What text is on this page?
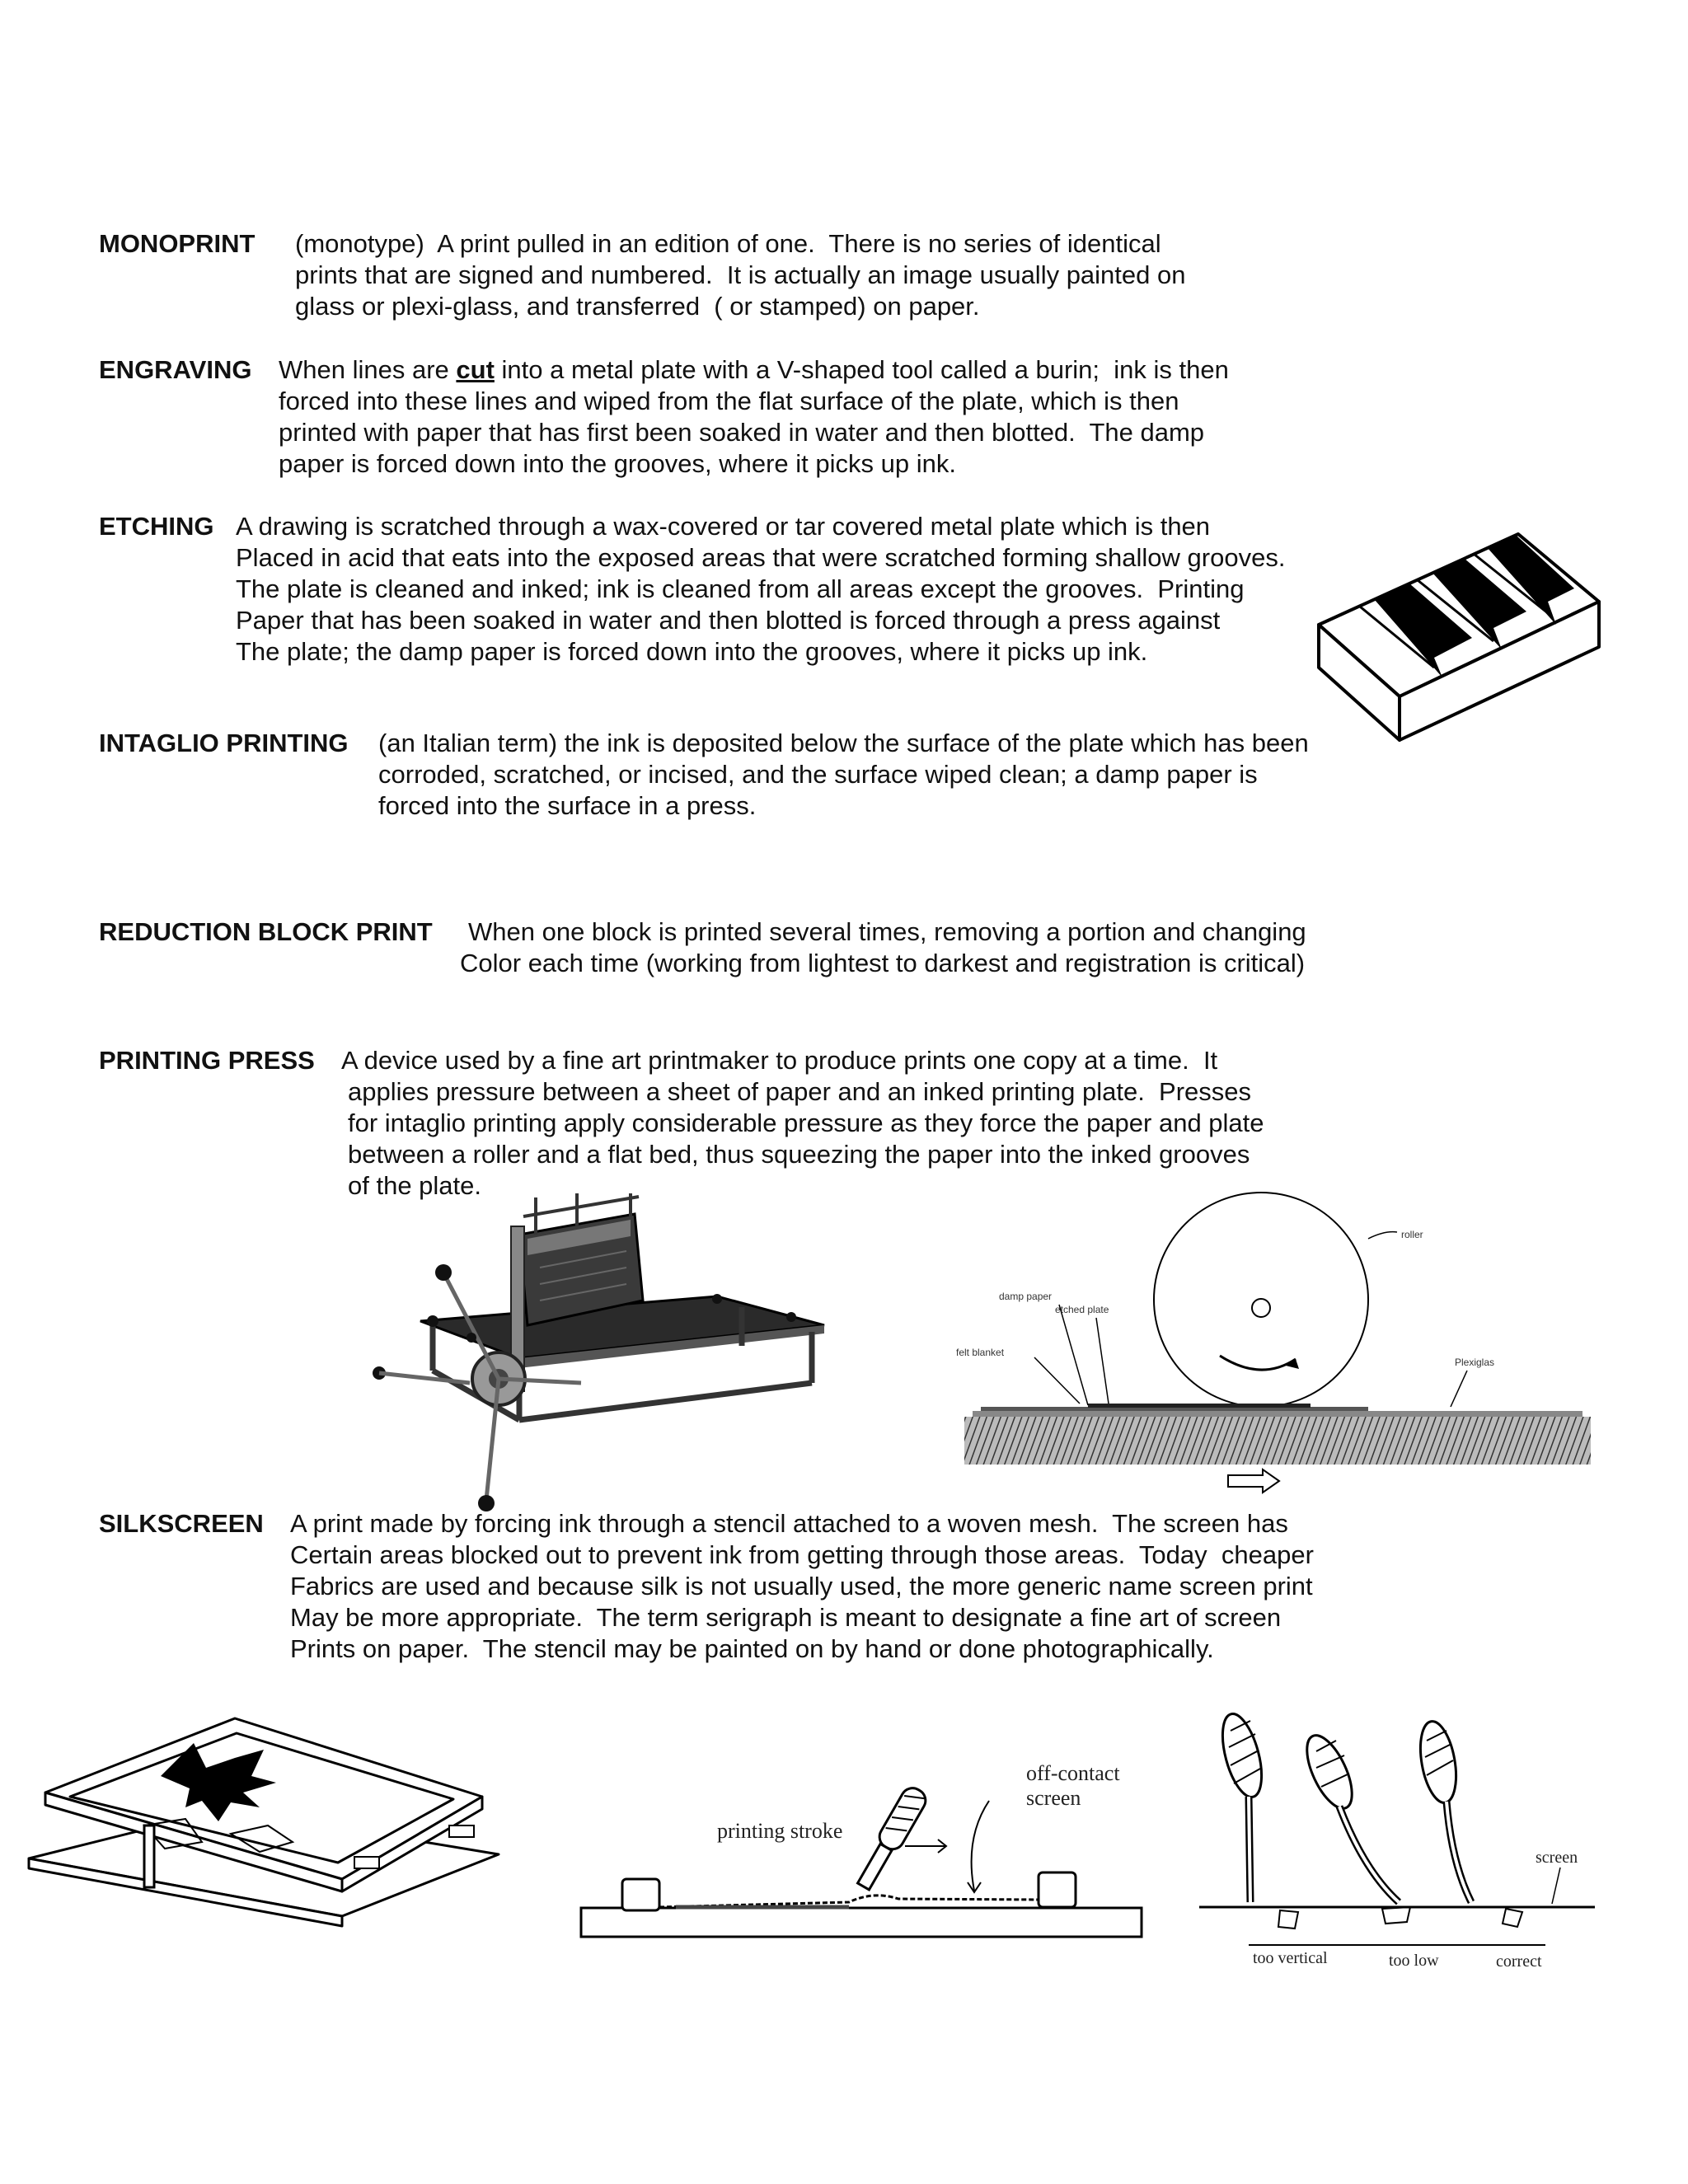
MONOPRINT (monotype)  A print pulled in an edition of one.  There is no series of identical
prints that are signed and numbered.  It is actually an image usually painted on
glass or plexi-glass, and transferred  ( or stamped) on paper.
ENGRAVING When lines are cut into a metal plate with a V-shaped tool called a burin;  ink is then
forced into these lines and wiped from the flat surface of the plate, which is then
printed with paper that has first been soaked in water and then blotted.  The damp
paper is forced down into the grooves, where it picks up ink.
ETCHING A drawing is scratched through a wax-covered or tar covered metal plate which is then
Placed in acid that eats into the exposed areas that were scratched forming shallow grooves.
The plate is cleaned and inked; ink is cleaned from all areas except the grooves.  Printing
Paper that has been soaked in water and then blotted is forced through a press against
The plate; the damp paper is forced down into the grooves, where it picks up ink.
INTAGLIO PRINTING (an Italian term) the ink is deposited below the surface of the plate which has been
corroded, scratched, or incised, and the surface wiped clean; a damp paper is
forced into the surface in a press.
REDUCTION BLOCK PRINT When one block is printed several times, removing a portion and changing
Color each time (working from lightest to darkest and registration is critical)
PRINTING PRESS A device used by a fine art printmaker to produce prints one copy at a time.  It
applies pressure between a sheet of paper and an inked printing plate.  Presses
for intaglio printing apply considerable pressure as they force the paper and plate
between a roller and a flat bed, thus squeezing the paper into the inked grooves
of the plate.
roller
damp paper
etched plate
felt blanket
Plexiglas
SILKSCREEN A print made by forcing ink through a stencil attached to a woven mesh.  The screen has
Certain areas blocked out to prevent ink from getting through those areas.  Today  cheaper
Fabrics are used and because silk is not usually used, the more generic name screen print
May be more appropriate.  The term serigraph is meant to designate a fine art of screen
Prints on paper.  The stencil may be painted on by hand or done photographically.
printing stroke
off-contact
screen
screen
too vertical	too low	correct
